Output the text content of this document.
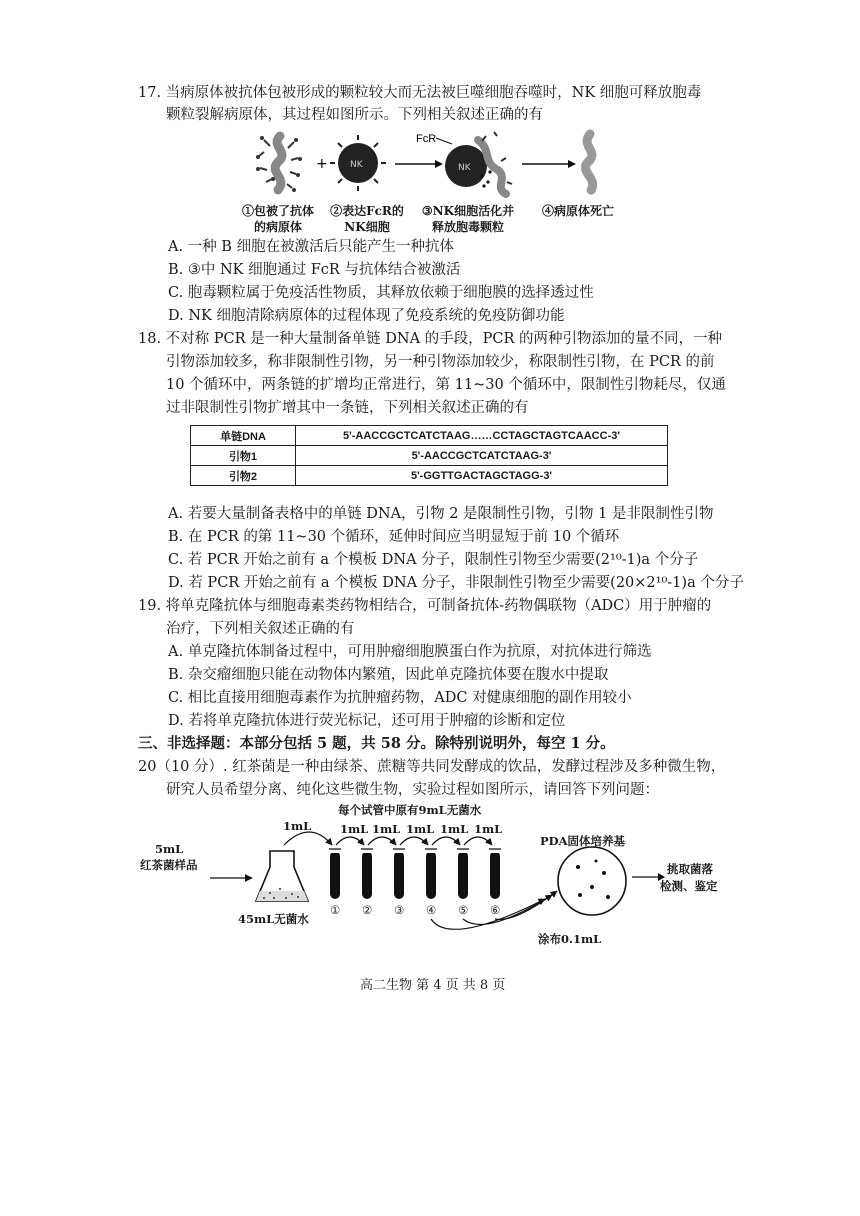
17. 当病原体被抗体包被形成的颗粒较大而无法被巨噬细胞吞噬时，NK 细胞可释放胞毒
颗粒裂解病原体，其过程如图所示。下列相关叙述正确的有
+ NK
FcR
NK
①包被了抗体
的病原体
②表达FcR的
NK细胞
③NK细胞活化并
释放胞毒颗粒
④病原体死亡
A. 一种 B 细胞在被激活后只能产生一种抗体
B. ③中 NK 细胞通过 FcR 与抗体结合被激活
C. 胞毒颗粒属于免疫活性物质，其释放依赖于细胞膜的选择透过性
D. NK 细胞清除病原体的过程体现了免疫系统的免疫防御功能
18. 不对称 PCR 是一种大量制备单链 DNA 的手段，PCR 的两种引物添加的量不同，一种
引物添加较多，称非限制性引物，另一种引物添加较少，称限制性引物，在 PCR 的前
10 个循环中，两条链的扩增均正常进行，第 11~30 个循环中，限制性引物耗尽，仅通
过非限制性引物扩增其中一条链，下列相关叙述正确的有
单链DNA	5'-AACCGCTCATCTAAG……CCTAGCTAGTCAACC-3'
引物1	5'-AACCGCTCATCTAAG-3'
引物2	5'-GGTTGACTAGCTAGG-3'
A. 若要大量制备表格中的单链 DNA，引物 2 是限制性引物，引物 1 是非限制性引物
B. 在 PCR 的第 11~30 个循环，延伸时间应当明显短于前 10 个循环
C. 若 PCR 开始之前有 a 个模板 DNA 分子，限制性引物至少需要(2¹⁰-1)a 个分子
D. 若 PCR 开始之前有 a 个模板 DNA 分子，非限制性引物至少需要(20×2¹⁰-1)a 个分子
19. 将单克隆抗体与细胞毒素类药物相结合，可制备抗体-药物偶联物（ADC）用于肿瘤的
治疗，下列相关叙述正确的有
A. 单克隆抗体制备过程中，可用肿瘤细胞膜蛋白作为抗原，对抗体进行筛选
B. 杂交瘤细胞只能在动物体内繁殖，因此单克隆抗体要在腹水中提取
C. 相比直接用细胞毒素作为抗肿瘤药物，ADC 对健康细胞的副作用较小
D. 若将单克隆抗体进行荧光标记，还可用于肿瘤的诊断和定位
三、非选择题：本部分包括 5 题，共 58 分。除特别说明外，每空 1 分。
20（10 分）. 红茶菌是一种由绿茶、蔗糖等共同发酵成的饮品，发酵过程涉及多种微生物，
研究人员希望分离、纯化这些微生物，实验过程如图所示，请回答下列问题：
每个试管中原有9mL无菌水
5mL
红茶菌样品
45mL无菌水
PDA固体培养基
挑取菌落
检测、鉴定
涂布0.1mL
1mL 1mL 1mL 1mL 1mL 1mL
① ② ③ ④ ⑤ ⑥
高二生物 第 4 页 共 8 页
